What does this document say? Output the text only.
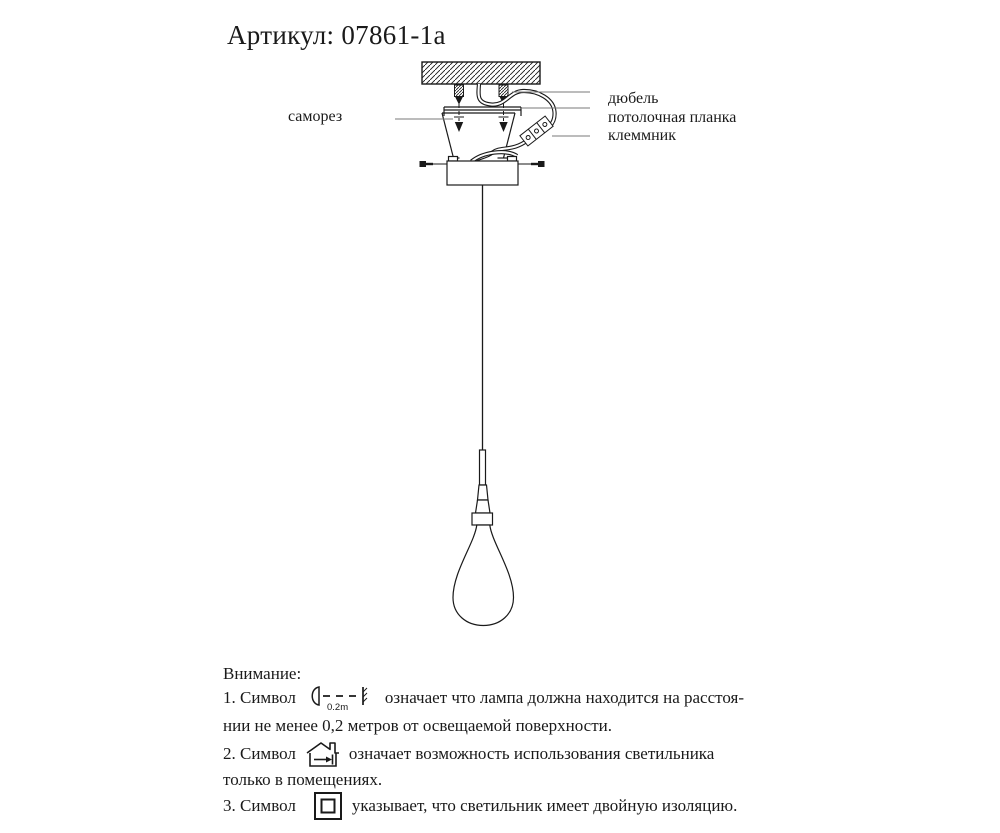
Артикул: 07861-1a
саморез
дюбель
потолочная планка
клеммник
Внимание:
1. Символ
0.2m
означает что лампа должна находится на расстоя-
нии не менее 0,2 метров от освещаемой поверхности.
2. Символ	означает возможность использования светильника
только в помещениях.
3. Символ	указывает, что светильник имеет двойную изоляцию.
